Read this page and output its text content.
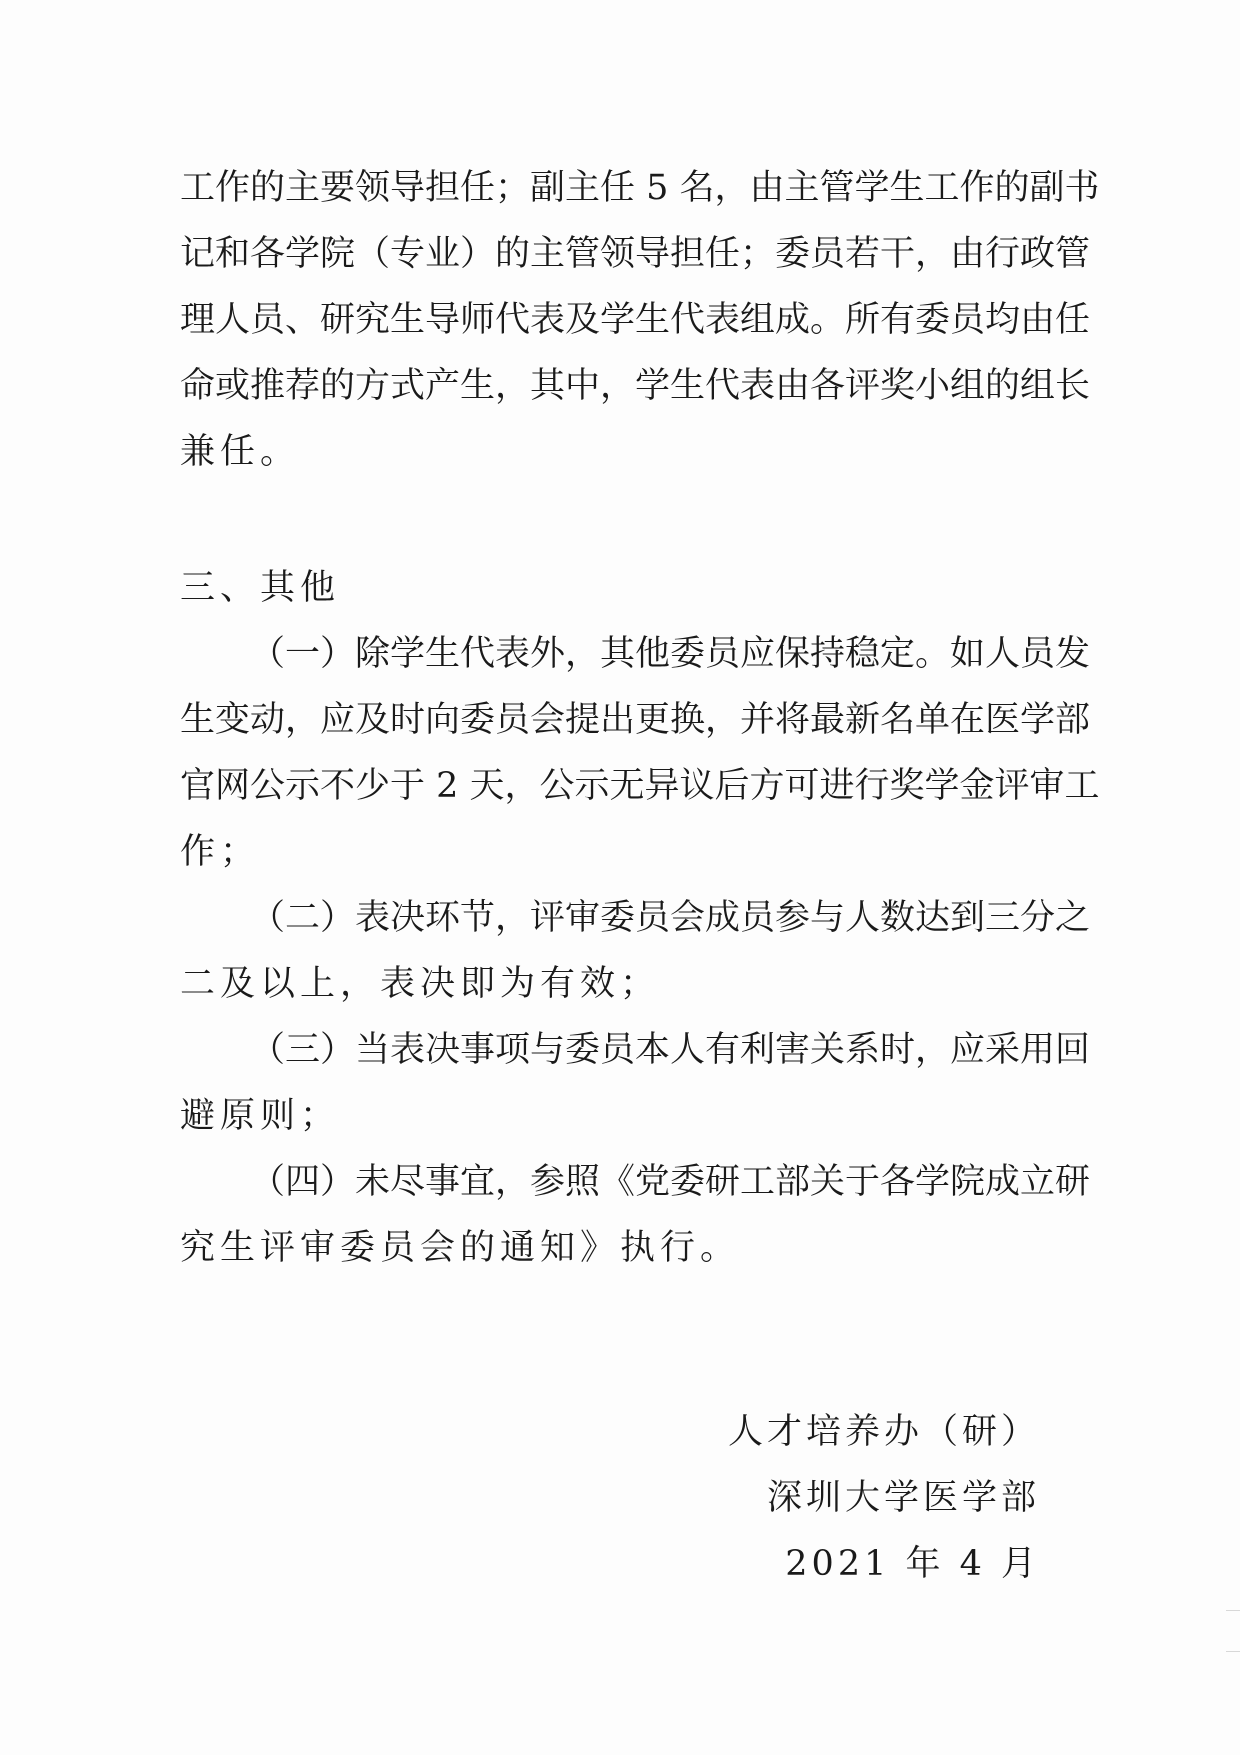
工作的主要领导担任；副主任 5 名，由主管学生工作的副书
记和各学院（专业）的主管领导担任；委员若干，由行政管
理人员、研究生导师代表及学生代表组成。所有委员均由任
命或推荐的方式产生，其中，学生代表由各评奖小组的组长
兼任。
三、其他
（一）除学生代表外，其他委员应保持稳定。如人员发
生变动，应及时向委员会提出更换，并将最新名单在医学部
官网公示不少于 2 天，公示无异议后方可进行奖学金评审工
作；
（二）表决环节，评审委员会成员参与人数达到三分之
二及以上，表决即为有效；
（三）当表决事项与委员本人有利害关系时，应采用回
避原则；
（四）未尽事宜，参照《党委研工部关于各学院成立研
究生评审委员会的通知》执行。
人才培养办（研）
深圳大学医学部
2021 年 4 月
